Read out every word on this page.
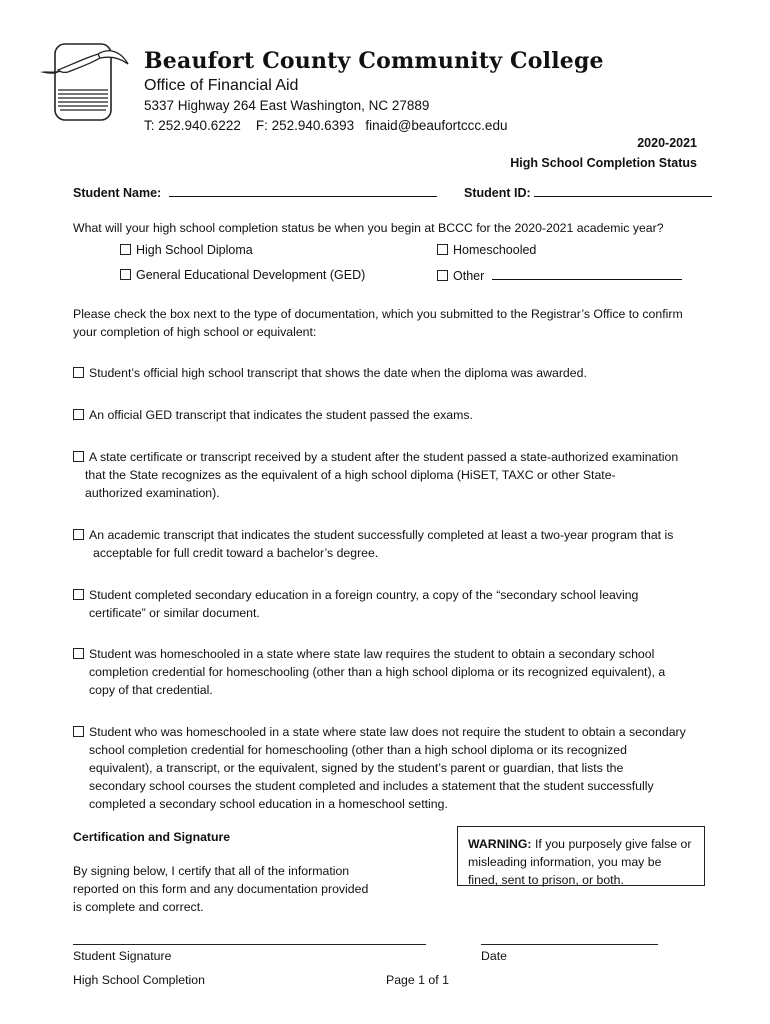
Beaufort County Community College
Office of Financial Aid
5337 Highway 264 East Washington, NC 27889
T: 252.940.6222    F: 252.940.6393   finaid@beaufortccc.edu
2020-2021
High School Completion Status
Student Name:	Student ID:
What will your high school completion status be when you begin at BCCC for the 2020-2021 academic year?
High School Diploma	Homeschooled
General Educational Development (GED)	Other
Please check the box next to the type of documentation, which you submitted to the Registrar’s Office to confirm
your completion of high school or equivalent:
Student’s official high school transcript that shows the date when the diploma was awarded.
An official GED transcript that indicates the student passed the exams.
A state certificate or transcript received by a student after the student passed a state-authorized examination
that the State recognizes as the equivalent of a high school diploma (HiSET, TAXC or other State-
authorized examination).
An academic transcript that indicates the student successfully completed at least a two-year program that is
acceptable for full credit toward a bachelor’s degree.
Student completed secondary education in a foreign country, a copy of the “secondary school leaving
certificate” or similar document.
Student was homeschooled in a state where state law requires the student to obtain a secondary school
completion credential for homeschooling (other than a high school diploma or its recognized equivalent), a
copy of that credential.
Student who was homeschooled in a state where state law does not require the student to obtain a secondary
school completion credential for homeschooling (other than a high school diploma or its recognized
equivalent), a transcript, or the equivalent, signed by the student’s parent or guardian, that lists the
secondary school courses the student completed and includes a statement that the student successfully
completed a secondary school education in a homeschool setting.
Certification and Signature
By signing below, I certify that all of the information
reported on this form and any documentation provided
is complete and correct.
WARNING: If you purposely give false or
misleading information, you may be
fined, sent to prison, or both.
Student Signature	Date
High School Completion	Page 1 of 1
